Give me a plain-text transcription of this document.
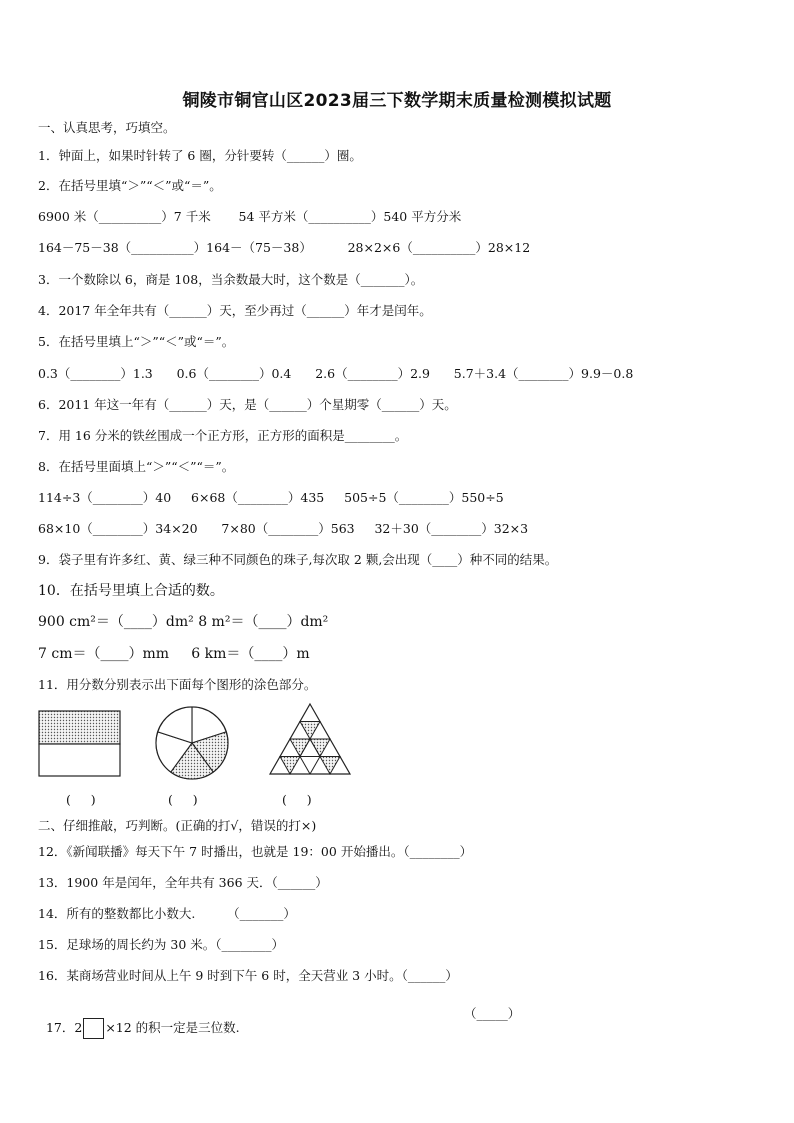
铜陵市铜官山区2023届三下数学期末质量检测模拟试题
一、认真思考，巧填空。
1．钟面上，如果时针转了 6 圈，分针要转（______）圈。
2．在括号里填“＞”“＜”或“＝”。
6900 米（__________）7 千米       54 平方米（__________）540 平方分米
164－75－38（__________）164－（75－38）         28×2×6（__________）28×12
3．一个数除以 6，商是 108，当余数最大时，这个数是（_______）。
4．2017 年全年共有（______）天，至少再过（______）年才是闰年。
5．在括号里填上“＞”“＜”或“＝”。
0.3（________）1.3      0.6（________）0.4      2.6（________）2.9      5.7＋3.4（________）9.9－0.8
6．2011 年这一年有（______）天，是（______）个星期零（______）天。
7．用 16 分米的铁丝围成一个正方形，正方形的面积是________。
8．在括号里面填上“＞”“＜”“＝”。
114÷3（________）40     6×68（________）435     505÷5（________）550÷5
68×10（________）34×20      7×80（________）563     32＋30（________）32×3
9．袋子里有许多红、黄、绿三种不同颜色的珠子,每次取 2 颗,会出现（____）种不同的结果。
10．在括号里填上合适的数。
900 cm²＝（____）dm² 8 m²＝（____）dm²
7 cm＝（____）mm     6 km＝（____）m
11．用分数分别表示出下面每个图形的涂色部分。
(     )	(     )	(     )
二、仔细推敲，巧判断。(正确的打√，错误的打×)
12．《新闻联播》每天下午 7 时播出，也就是 19：00 开始播出。（________）
13．1900 年是闰年，全年共有 366 天．（______）
14．所有的整数都比小数大.        （_______）
15．足球场的周长约为 30 米。（________）
16．某商场营业时间从上午 9 时到下午 6 时，全天营业 3 小时。（______）

17．2 ×12 的积一定是三位数.

（_____）
